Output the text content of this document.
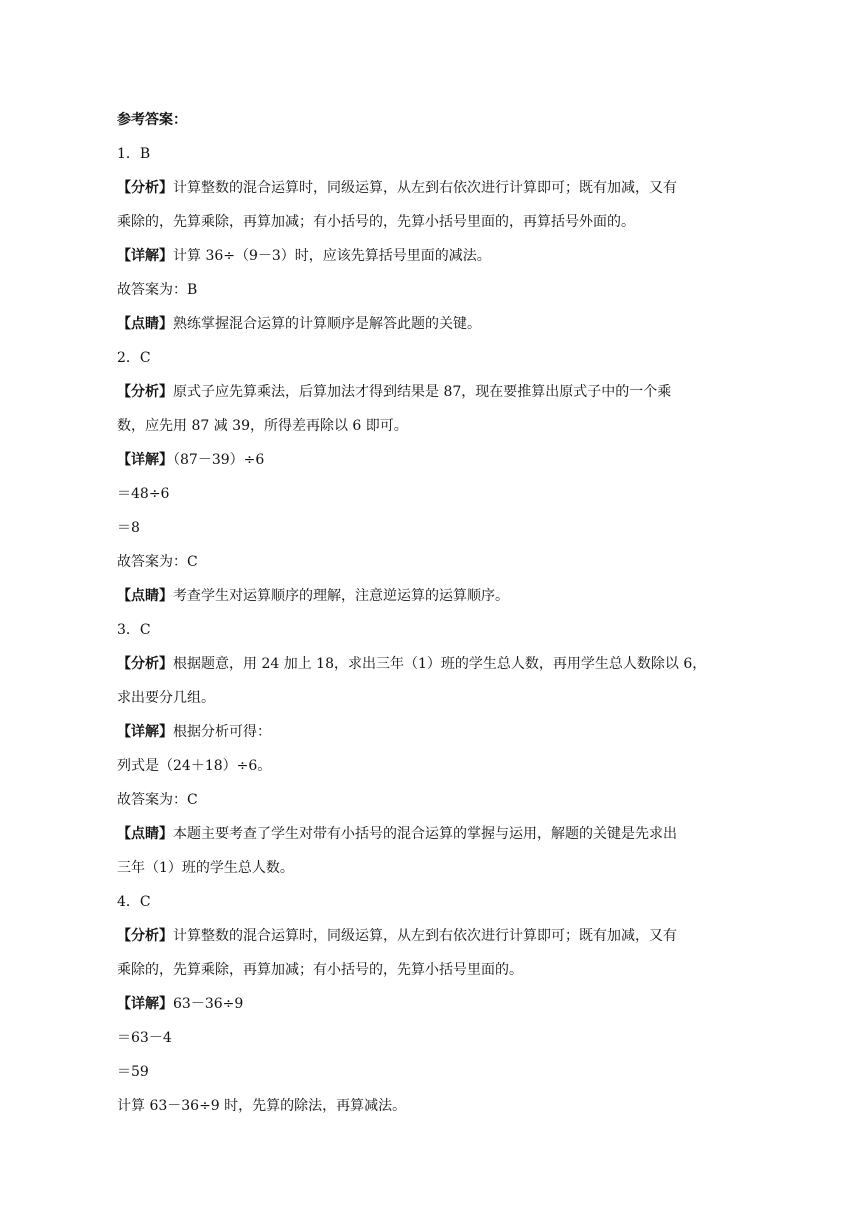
参考答案：
1．B
【分析】计算整数的混合运算时，同级运算，从左到右依次进行计算即可；既有加减，又有
乘除的，先算乘除，再算加减；有小括号的，先算小括号里面的，再算括号外面的。
【详解】计算 36÷（9－3）时，应该先算括号里面的减法。
故答案为：B
【点睛】熟练掌握混合运算的计算顺序是解答此题的关键。
2．C
【分析】原式子应先算乘法，后算加法才得到结果是 87，现在要推算出原式子中的一个乘
数，应先用 87 减 39，所得差再除以 6 即可。
【详解】（87－39）÷6
＝48÷6
＝8
故答案为：C
【点睛】考查学生对运算顺序的理解，注意逆运算的运算顺序。
3．C
【分析】根据题意，用 24 加上 18，求出三年（1）班的学生总人数，再用学生总人数除以 6，
求出要分几组。
【详解】根据分析可得：
列式是（24＋18）÷6。
故答案为：C
【点睛】本题主要考查了学生对带有小括号的混合运算的掌握与运用，解题的关键是先求出
三年（1）班的学生总人数。
4．C
【分析】计算整数的混合运算时，同级运算，从左到右依次进行计算即可；既有加减，又有
乘除的，先算乘除，再算加减；有小括号的，先算小括号里面的。
【详解】63－36÷9
＝63－4
＝59
计算 63－36÷9 时，先算的除法，再算减法。
